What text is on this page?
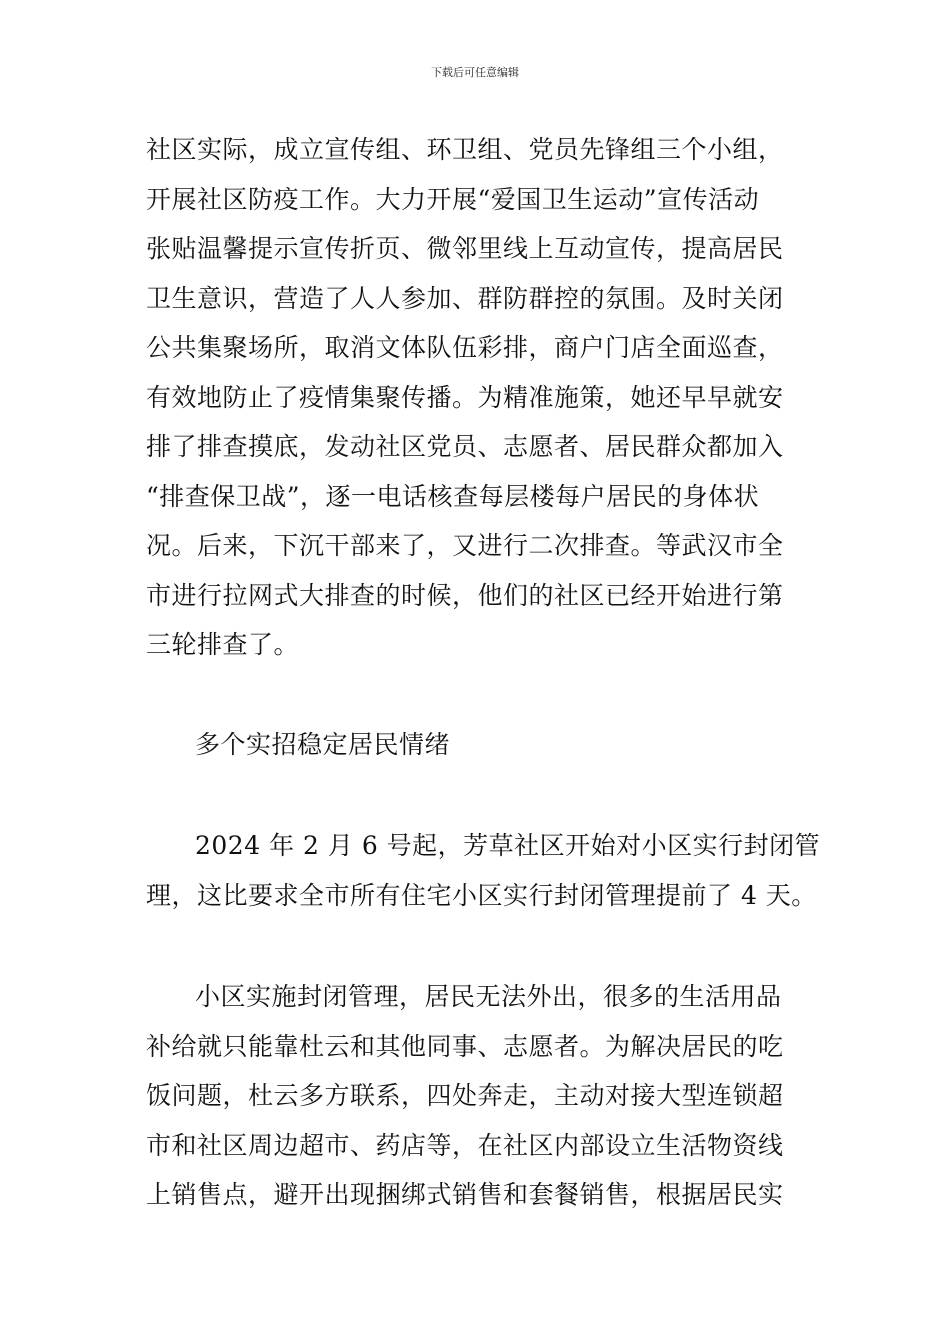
下载后可任意编辑
社区实际，成立宣传组、环卫组、党员先锋组三个小组，
开展社区防疫工作。大力开展“爱国卫生运动”宣传活动
张贴温馨提示宣传折页、微邻里线上互动宣传，提高居民
卫生意识，营造了人人参加、群防群控的氛围。及时关闭
公共集聚场所，取消文体队伍彩排，商户门店全面巡查，
有效地防止了疫情集聚传播。为精准施策，她还早早就安
排了排查摸底，发动社区党员、志愿者、居民群众都加入
“排查保卫战”，逐一电话核查每层楼每户居民的身体状
况。后来，下沉干部来了，又进行二次排查。等武汉市全
市进行拉网式大排查的时候，他们的社区已经开始进行第
三轮排查了。
多个实招稳定居民情绪
2024 年 2 月 6 号起，芳草社区开始对小区实行封闭管
理，这比要求全市所有住宅小区实行封闭管理提前了 4 天。
小区实施封闭管理，居民无法外出，很多的生活用品
补给就只能靠杜云和其他同事、志愿者。为解决居民的吃
饭问题，杜云多方联系，四处奔走，主动对接大型连锁超
市和社区周边超市、药店等，在社区内部设立生活物资线
上销售点，避开出现捆绑式销售和套餐销售，根据居民实
